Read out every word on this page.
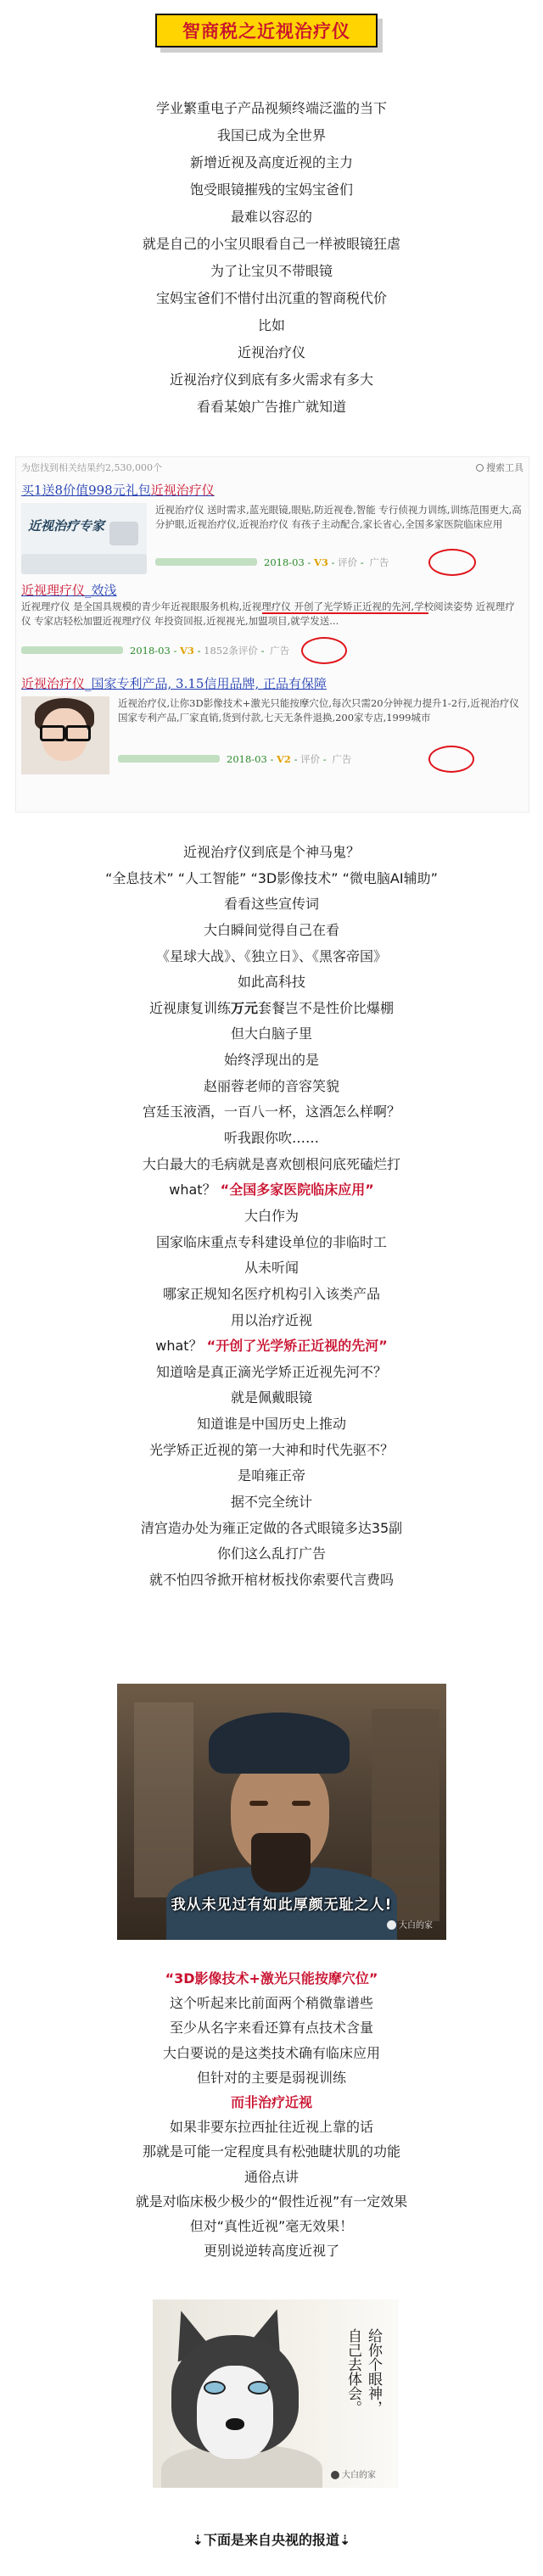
智商税之近视治疗仪

学业繁重电子产品视频终端泛滥的当下

我国已成为全世界

新增近视及高度近视的主力

饱受眼镜摧残的宝妈宝爸们

最难以容忍的

就是自己的小宝贝眼看自己一样被眼镜狂虐

为了让宝贝不带眼镜

宝妈宝爸们不惜付出沉重的智商税代价

比如

近视治疗仪

近视治疗仪到底有多火需求有多大

看看某娘广告推广就知道

为您找到相关结果约2,530,000个	搜索工具
买1送8价值998元礼包近视治疗仪
近视治疗专家
近视治疗仪 送时需求,蓝光眼镜,眼贴,防近视卷,智能 专行侦视力训练,训练范围更大,高分护眼,近视治疗仪,近视治疗仪 有孩子主动配合,家长省心,全国多家医院临床应用
2018-03 - V3 - 评价 - 广告
近视理疗仪_效浅
近视理疗仪 是全国具规模的青少年近视眼服务机构,近视理疗仪 开创了光学矫正近视的先河,学校阅读姿势 近视理疗仪 专家店轻松加盟近视理疗仪 年投资回报,近视视光,加盟项目,就学发送...
2018-03 - V3 - 1852条评价 - 广告
近视治疗仪_国家专利产品, 3.15信用品牌, 正品有保障
近视治疗仪,让你3D影像技术+激光只能按摩穴位,每次只需20分钟视力提升1-2行,近视治疗仪 国家专利产品,厂家直销,货到付款,七天无条件退换,200家专店,1999城市
2018-03 - V2 - 评价 - 广告

近视治疗仪到底是个神马鬼？

“全息技术” “人工智能” “3D影像技术” “微电脑AI辅助”

看看这些宣传词

大白瞬间觉得自己在看

《星球大战》、《独立日》、《黑客帝国》

如此高科技

近视康复训练万元套餐岂不是性价比爆棚

但大白脑子里

始终浮现出的是

赵丽蓉老师的音容笑貌

宫廷玉液酒，一百八一杯，这酒怎么样啊？

听我跟你吹……

大白最大的毛病就是喜欢刨根问底死磕烂打

what？ “全国多家医院临床应用”

大白作为

国家临床重点专科建设单位的非临时工

从未听闻

哪家正规知名医疗机构引入该类产品

用以治疗近视

what？ “开创了光学矫正近视的先河”

知道啥是真正滴光学矫正近视先河不？

就是佩戴眼镜

知道谁是中国历史上推动

光学矫正近视的第一大神和时代先驱不？

是咱雍正帝

据不完全统计

清宫造办处为雍正定做的各式眼镜多达35副

你们这么乱打广告

就不怕四爷掀开棺材板找你索要代言费吗

我从未见过有如此厚颜无耻之人!
大白的家

“3D影像技术+激光只能按摩穴位”

这个听起来比前面两个稍微靠谱些

至少从名字来看还算有点技术含量

大白要说的是这类技术确有临床应用

但针对的主要是弱视训练

而非治疗近视

如果非要东拉西扯往近视上靠的话

那就是可能一定程度具有松弛睫状肌的功能

通俗点讲

就是对临床极少极少的“假性近视”有一定效果

但对“真性近视”毫无效果！

更别说逆转高度近视了

给你个眼神，
自己去体会。
大白的家
⇣下面是来自央视的报道⇣
